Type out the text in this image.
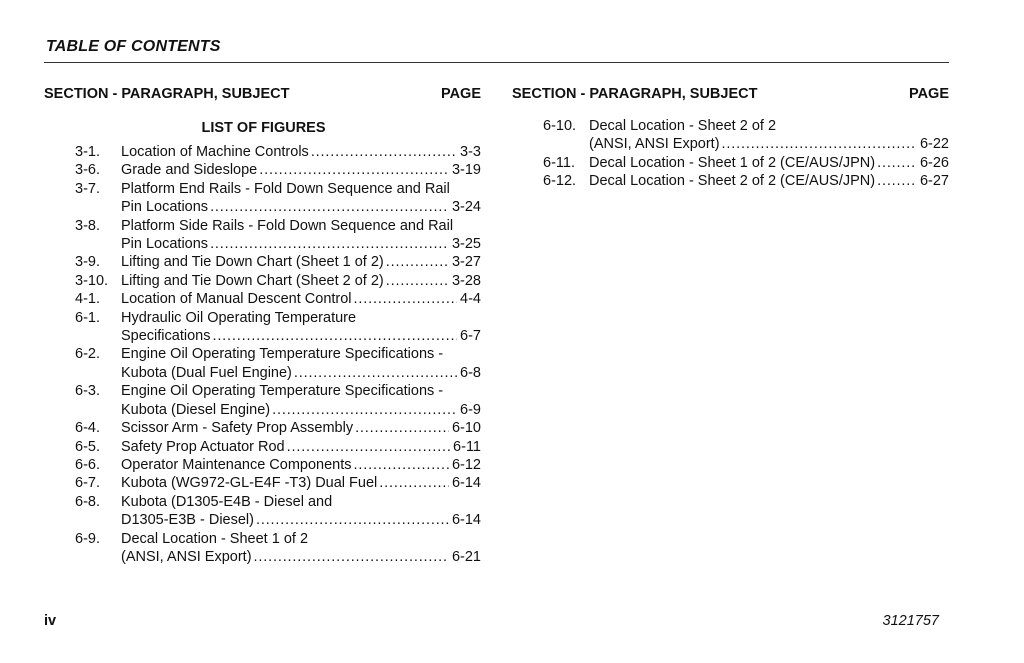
TABLE OF CONTENTS
SECTION - PARAGRAPH, SUBJECT	PAGE
LIST OF FIGURES
3-1.	Location of Machine Controls . . .	3-3
3-6.	Grade and Sideslope . . .	3-19
3-7.	Platform End Rails - Fold Down Sequence and Rail
Pin Locations . . .	3-24
3-8.	Platform Side Rails - Fold Down Sequence and Rail
Pin Locations . . .	3-25
3-9.	Lifting and Tie Down Chart (Sheet 1 of 2) . . .	3-27
3-10. Lifting and Tie Down Chart (Sheet 2 of 2) . . .	3-28
4-1.	Location of Manual Descent Control . . .	4-4
6-1.	Hydraulic Oil Operating Temperature
Specifications . . .	6-7
6-2.	Engine Oil Operating Temperature Specifications -
Kubota (Dual Fuel Engine) . . .	6-8
6-3.	Engine Oil Operating Temperature Specifications -
Kubota (Diesel Engine) . . .	6-9
6-4.	Scissor Arm - Safety Prop Assembly . . .	6-10
6-5.	Safety Prop Actuator Rod . . .	6-11
6-6.	Operator Maintenance Components . . .	6-12
6-7.	Kubota (WG972-GL-E4F -T3) Dual Fuel . . .	6-14
6-8.	Kubota (D1305-E4B - Diesel and
D1305-E3B - Diesel) . . .	6-14
6-9.	Decal Location - Sheet 1 of 2
(ANSI, ANSI Export) . . .	6-21
SECTION - PARAGRAPH, SUBJECT	PAGE
6-10. Decal Location - Sheet 2 of 2
(ANSI, ANSI Export) . . .	6-22
6-11. Decal Location - Sheet 1 of 2 (CE/AUS/JPN) . . .	6-26
6-12. Decal Location - Sheet 2 of 2 (CE/AUS/JPN) . . .	6-27
iv	3121757
